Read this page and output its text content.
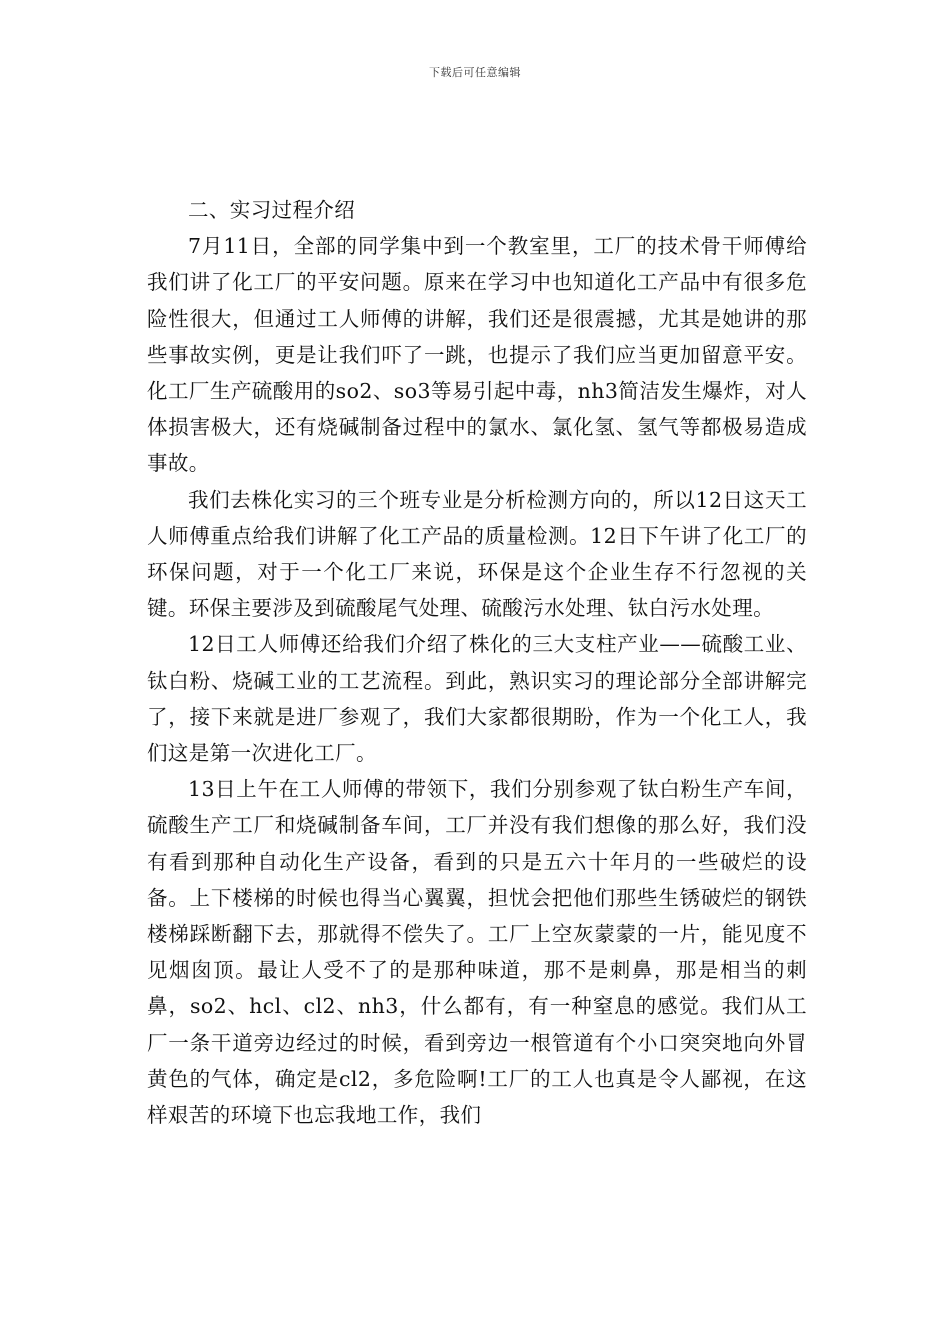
下载后可任意编辑

二、实习过程介绍

7月11日，全部的同学集中到一个教室里，工厂的技术骨干师傅给我们讲了化工厂的平安问题。原来在学习中也知道化工产品中有很多危险性很大，但通过工人师傅的讲解，我们还是很震撼，尤其是她讲的那些事故实例，更是让我们吓了一跳，也提示了我们应当更加留意平安。化工厂生产硫酸用的so2、so3等易引起中毒，nh3简洁发生爆炸，对人体损害极大，还有烧碱制备过程中的氯水、氯化氢、氢气等都极易造成事故。

我们去株化实习的三个班专业是分析检测方向的，所以12日这天工人师傅重点给我们讲解了化工产品的质量检测。12日下午讲了化工厂的环保问题，对于一个化工厂来说，环保是这个企业生存不行忽视的关键。环保主要涉及到硫酸尾气处理、硫酸污水处理、钛白污水处理。

12日工人师傅还给我们介绍了株化的三大支柱产业——硫酸工业、钛白粉、烧碱工业的工艺流程。到此，熟识实习的理论部分全部讲解完了，接下来就是进厂参观了，我们大家都很期盼，作为一个化工人，我们这是第一次进化工厂。

13日上午在工人师傅的带领下，我们分别参观了钛白粉生产车间，硫酸生产工厂和烧碱制备车间，工厂并没有我们想像的那么好，我们没有看到那种自动化生产设备，看到的只是五六十年月的一些破烂的设备。上下楼梯的时候也得当心翼翼，担忧会把他们那些生锈破烂的钢铁楼梯踩断翻下去，那就得不偿失了。工厂上空灰蒙蒙的一片，能见度不见烟囱顶。最让人受不了的是那种味道，那不是刺鼻，那是相当的刺鼻，so2、hcl、cl2、nh3，什么都有，有一种窒息的感觉。我们从工厂一条干道旁边经过的时候，看到旁边一根管道有个小口突突地向外冒黄色的气体，确定是cl2，多危险啊!工厂的工人也真是令人鄙视，在这样艰苦的环境下也忘我地工作，我们
